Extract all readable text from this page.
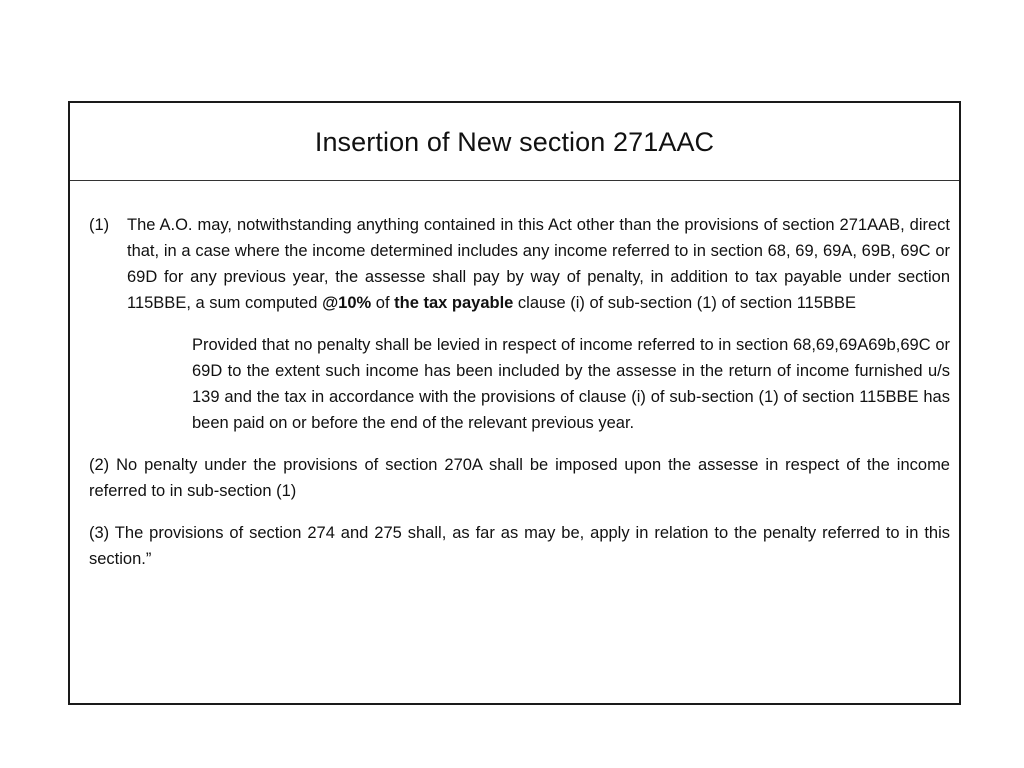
Insertion of New section 271AAC
(1)	The A.O. may, notwithstanding anything contained in this Act other than the provisions of section 271AAB, direct that, in a case where the income determined includes any income referred to in section 68, 69, 69A, 69B, 69C or 69D for any previous year, the assesse shall pay by way of penalty, in addition to tax payable under section 115BBE, a sum computed @10% of the tax payable clause (i) of sub-section (1) of section 115BBE
Provided that no penalty shall be levied in respect of income referred to in section 68,69,69A69b,69C or 69D to the extent such income has been included by the assesse in the return of income furnished u/s 139 and the tax in accordance with the provisions of clause (i) of sub-section (1) of section 115BBE has been paid on or before the end of the relevant previous year.
(2) No penalty under the provisions of section 270A shall be imposed upon the assesse in respect of the income referred to in sub-section (1)
(3) The provisions of section 274 and 275 shall, as far as may be, apply in relation to the penalty referred to in this section.”
